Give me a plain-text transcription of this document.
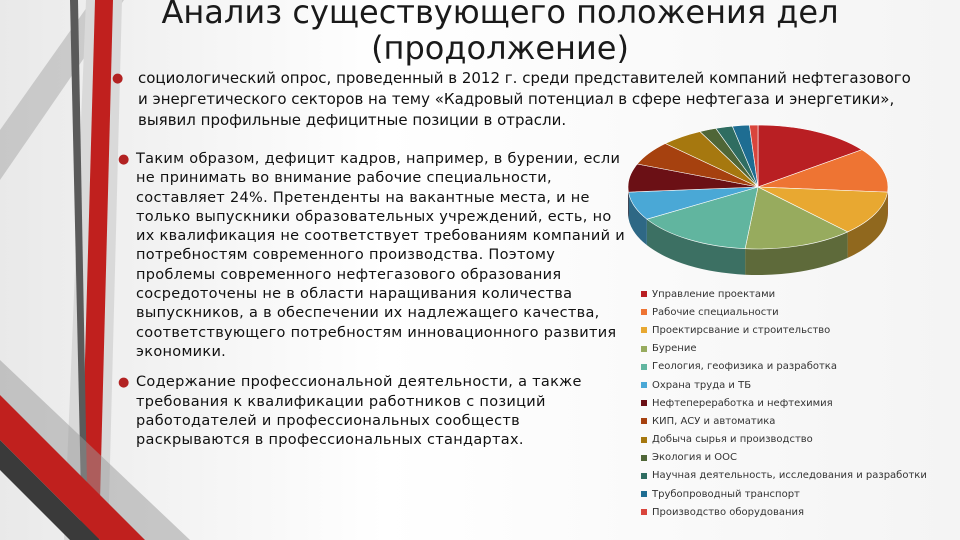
Анализ существующего положения дел (продолжение)
● социологический опрос, проведенный в 2012 г. среди представителей компаний нефтегазового и энергетического секторов на тему «Кадровый потенциал в сфере нефтегаза и энергетики», выявил профильные дефицитные позиции в отрасли.

● Таким образом, дефицит кадров, например, в бурении, если не принимать во внимание рабочие специальности, составляет 24%. Претенденты на вакантные места, и не только выпускники образовательных учреждений, есть, но их квалификация не соответствует требованиям компаний и потребностям современного производства. Поэтому проблемы современного нефтегазового образования сосредоточены не в области наращивания количества выпускников, а в обеспечении их надлежащего качества, соответствующего потребностям инновационного развития экономики.
● Содержание профессиональной деятельности, а также требования к квалификации работников с позиций работодателей и профессиональных сообществ раскрываются в профессиональных стандартах.
Управление проектами
Рабочие специальности
Проектирсвание и строительство
Бурение
Геология, геофизика и разработка
Охрана труда и ТБ
Нефтепереработка и нефтехимия
КИП, АСУ и автоматика
Добыча сырья и производство
Экология и ООС
Научная деятельность, исследования и разработки
Трубопроводный транспорт
Производство оборудования
